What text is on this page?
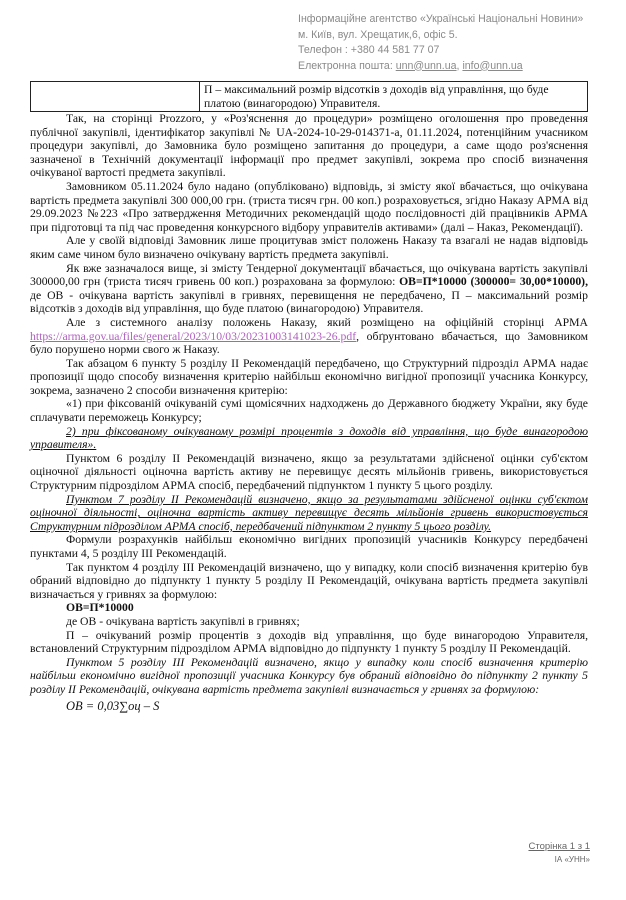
Інформаційне агентство «Українські Національні Новини»
м. Київ, вул. Хрещатик,6, офіс 5.
Телефон : +380 44 581 77 07
Електронна пошта: unn@unn.ua, info@unn.ua
	П – максимальний розмір відсотків з доходів від управління, що буде платою (винагородою) Управителя.

Так, на сторінці Prozzoro, у «Роз'яснення до процедури» розміщено оголошення про проведення публічної закупівлі, ідентифікатор закупівлі № UA-2024-10-29-014371-a, 01.11.2024, потенційним учасником процедури закупівлі, до Замовника було розміщено запитання до процедури, а саме щодо роз'яснення зазначеної в Технічній документації інформації про предмет закупівлі, зокрема про спосіб визначення очікуваної вартості предмета закупівлі.

Замовником 05.11.2024 було надано (опубліковано) відповідь, зі змісту якої вбачається, що очікувана вартість предмета закупівлі 300 000,00 грн. (триста тисяч грн. 00 коп.) розраховується, згідно Наказу АРМА від 29.09.2023 №223 «Про затвердження Методичних рекомендацій щодо послідовності дій працівників АРМА при підготовці та під час проведення конкурсного відбору управителів активами» (далі – Наказ, Рекомендації).

Але у своїй відповіді Замовник лише процитував зміст положень Наказу та взагалі не надав відповідь яким саме чином було визначено очікувану вартість предмета закупівлі.

Як вже зазначалося вище, зі змісту Тендерної документації вбачається, що очікувана вартість закупівлі 300000,00 грн (триста тисяч гривень 00 коп.) розрахована за формулою: ОВ=П*10000 (300000= 30,00*10000), де ОВ - очікувана вартість закупівлі в гривнях, перевищення не передбачено, П – максимальний розмір відсотків з доходів від управління, що буде платою (винагородою) Управителя.

Але з системного аналізу положень Наказу, який розміщено на офіційній сторінці АРМА https://arma.gov.ua/files/general/2023/10/03/20231003141023-26.pdf, обґрунтовано вбачається, що Замовником було порушено норми свого ж Наказу.

Так абзацом 6 пункту 5 розділу ІІ Рекомендацій передбачено, що Структурний підрозділ АРМА надає пропозиції щодо способу визначення критерію найбільш економічно вигідної пропозиції учасника Конкурсу, зокрема, зазначено 2 способи визначення критерію:

«1) при фіксованій очікуваній сумі щомісячних надходжень до Державного бюджету України, яку буде сплачувати переможець Конкурсу;

2) при фіксованому очікуваному розмірі процентів з доходів від управління, що буде винагородою управителя».

Пунктом 6 розділу ІІ Рекомендацій визначено, якщо за результатами здійсненої оцінки суб'єктом оціночної діяльності оціночна вартість активу не перевищує десять мільйонів гривень, використовується Структурним підрозділом АРМА спосіб, передбачений підпунктом 1 пункту 5 цього розділу.

Пунктом 7 розділу ІІ Рекомендацій визначено, якщо за результатами здійсненої оцінки суб'єктом оціночної діяльності, оціночна вартість активу перевищує десять мільйонів гривень використовується Структурним підрозділом АРМА спосіб, передбачений підпунктом 2 пункту 5 цього розділу.

Формули розрахунків найбільш економічно вигідних пропозицій учасників Конкурсу передбачені пунктами 4, 5 розділу ІІІ Рекомендацій.

Так пунктом 4 розділу ІІІ Рекомендацій визначено, що у випадку, коли спосіб визначення критерію був обраний відповідно до підпункту 1 пункту 5 розділу ІІ Рекомендацій, очікувана вартість предмета закупівлі визначається у гривнях за формулою:

ОВ=П*10000

де ОВ - очікувана вартість закупівлі в гривнях;

П – очікуваний розмір процентів з доходів від управління, що буде винагородою Управителя, встановлений Структурним підрозділом АРМА відповідно до підпункту 1 пункту 5 розділу ІІ Рекомендацій.

Пунктом 5 розділу ІІІ Рекомендацій визначено, якщо у випадку коли спосіб визначення критерію найбільш економічно вигідної пропозиції учасника Конкурсу був обраний відповідно до підпункту 2 пункту 5 розділу ІІ Рекомендацій, очікувана вартість предмета закупівлі визначається у гривнях за формулою:

ОВ = 0,03∑оц – S

Сторінка 1 з 1
ІА «УНН»
